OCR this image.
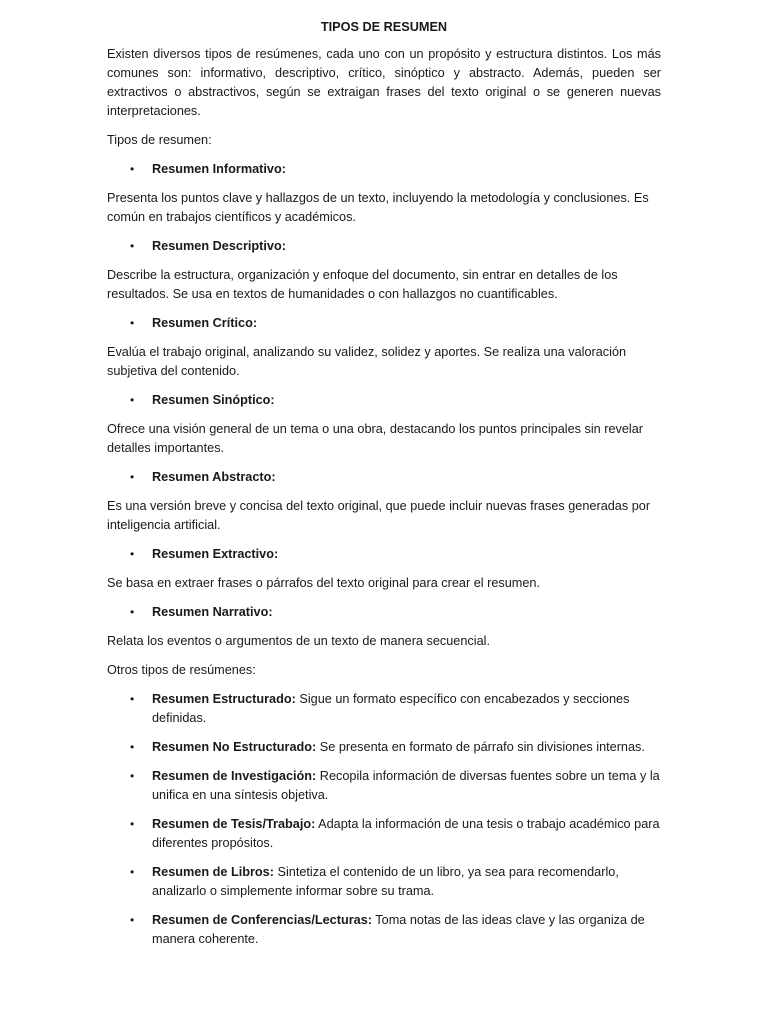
TIPOS DE RESUMEN

Existen diversos tipos de resúmenes, cada uno con un propósito y estructura distintos. Los más comunes son: informativo, descriptivo, crítico, sinóptico y abstracto. Además, pueden ser extractivos o abstractivos, según se extraigan frases del texto original o se generen nuevas interpretaciones.

Tipos de resumen:

• Resumen Informativo:

Presenta los puntos clave y hallazgos de un texto, incluyendo la metodología y conclusiones. Es común en trabajos científicos y académicos.

• Resumen Descriptivo:

Describe la estructura, organización y enfoque del documento, sin entrar en detalles de los resultados. Se usa en textos de humanidades o con hallazgos no cuantificables.

• Resumen Crítico:

Evalúa el trabajo original, analizando su validez, solidez y aportes. Se realiza una valoración subjetiva del contenido.

• Resumen Sinóptico:

Ofrece una visión general de un tema o una obra, destacando los puntos principales sin revelar detalles importantes.

• Resumen Abstracto:

Es una versión breve y concisa del texto original, que puede incluir nuevas frases generadas por inteligencia artificial.

• Resumen Extractivo:

Se basa en extraer frases o párrafos del texto original para crear el resumen.

• Resumen Narrativo:

Relata los eventos o argumentos de un texto de manera secuencial.

Otros tipos de resúmenes:

• Resumen Estructurado: Sigue un formato específico con encabezados y secciones definidas.
• Resumen No Estructurado: Se presenta en formato de párrafo sin divisiones internas.
• Resumen de Investigación: Recopila información de diversas fuentes sobre un tema y la unifica en una síntesis objetiva.
• Resumen de Tesis/Trabajo: Adapta la información de una tesis o trabajo académico para diferentes propósitos.
• Resumen de Libros: Sintetiza el contenido de un libro, ya sea para recomendarlo, analizarlo o simplemente informar sobre su trama.
• Resumen de Conferencias/Lecturas: Toma notas de las ideas clave y las organiza de manera coherente.
